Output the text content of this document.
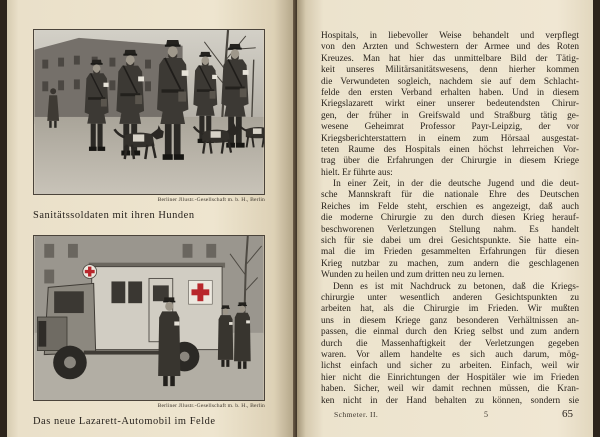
Berliner Jllustr.-Gesellschaft m. b. H., Berlin
Sanitätssoldaten mit ihren Hunden
Berliner Jllustr.-Gesellschaft m. b. H., Berlin
Das neue Lazarett-Automobil im Felde
Hospitals, in liebevoller Weise behandelt und verpflegt
von den Ärzten und Schwestern der Armee und des Roten
Kreuzes. Man hat hier das unmittelbare Bild der Tätig-
keit unseres Militärsanitätswesens, denn hierher kommen
die Verwundeten sogleich, nachdem sie auf dem Schlacht-
felde den ersten Verband erhalten haben. Und in diesem
Kriegslazarett wirkt einer unserer bedeutendsten Chirur-
gen, der früher in Greifswald und Straßburg tätig ge-
wesene Geheimrat Professor Payr-Leipzig, der vor
Kriegsberichterstattern in einem zum Hörsaal ausgestat-
teten Raume des Hospitals einen höchst lehrreichen Vor-
trag über die Erfahrungen der Chirurgie in diesem Kriege
hielt. Er führte aus:
In einer Zeit, in der die deutsche Jugend und die deut-
sche Mannskraft für die nationale Ehre des Deutschen
Reiches im Felde steht, erschien es angezeigt, daß auch
die moderne Chirurgie zu den durch diesen Krieg herauf-
beschworenen Verletzungen Stellung nahm. Es handelt
sich für sie dabei um drei Gesichtspunkte. Sie hatte ein-
mal die im Frieden gesammelten Erfahrungen für diesen
Krieg nutzbar zu machen, zum andern die geschlagenen
Wunden zu heilen und zum dritten neu zu lernen.
Denn es ist mit Nachdruck zu betonen, daß die Kriegs-
chirurgie unter wesentlich anderen Gesichtspunkten zu
arbeiten hat, als die Chirurgie im Frieden. Wir mußten
uns in diesem Kriege ganz besonderen Verhältnissen an-
passen, die einmal durch den Krieg selbst und zum andern
durch die Massenhaftigkeit der Verletzungen gegeben
waren. Vor allem handelte es sich auch darum, mög-
lichst einfach und sicher zu arbeiten. Einfach, weil wir
hier nicht die Einrichtungen der Hospitäler wie im Frieden
haben. Sicher, weil wir damit rechnen müssen, die Kran-
ken nicht in der Hand behalten zu können, sondern sie
Schmeter. II.	5	65
